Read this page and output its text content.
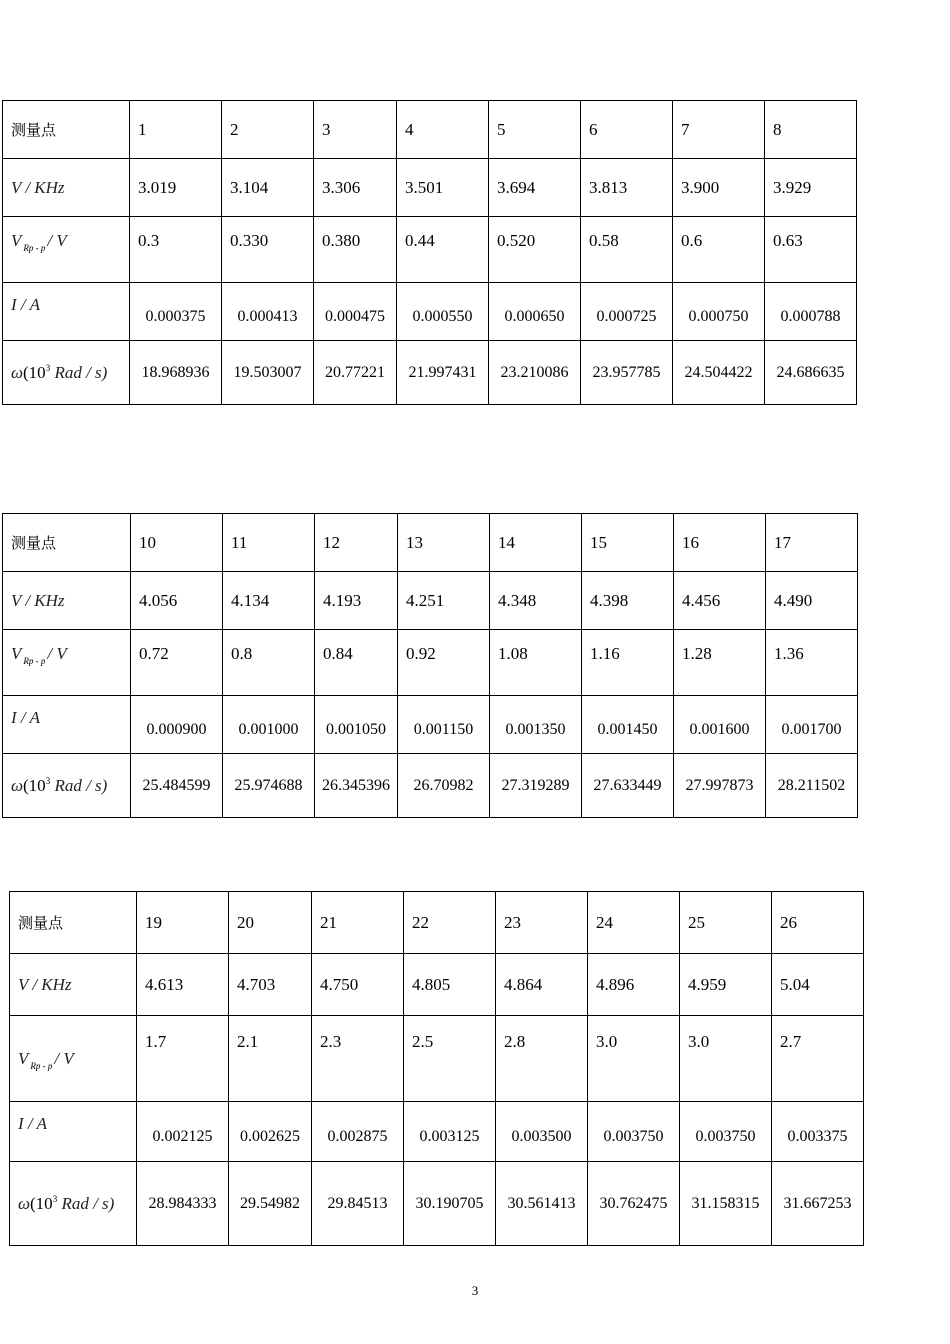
测量点	1	2	3	4	5	6	7	8	
V / KHz	3.019	3.104	3.306	3.501	3.694	3.813	3.900	3.929	
V $_{Rp - p}$ / V	0.3	0.330	0.380	0.44	0.520	0.58	0.6	0.63	
I / A	0.000375	0.000413	0.000475	0.000550	0.000650	0.000725	0.000750	0.000788	
$\omega(10^3$ Rad / s)	18.968936	19.503007	20.77221	21.997431	23.210086	23.957785	24.504422	24.686635	
测量点	10	11	12	13	14	15	16	17	
V / KHz	4.056	4.134	4.193	4.251	4.348	4.398	4.456	4.490	
V $_{Rp - p}$ / V	0.72	0.8	0.84	0.92	1.08	1.16	1.28	1.36	
I / A	0.000900	0.001000	0.001050	0.001150	0.001350	0.001450	0.001600	0.001700	
$\omega(10^3$ Rad / s)	25.484599	25.974688	26.345396	26.70982	27.319289	27.633449	27.997873	28.211502	
测量点	19	20	21	22	23	24	25	26	
V / KHz	4.613	4.703	4.750	4.805	4.864	4.896	4.959	5.04	
V $_{Rp - p}$ / V	1.7	2.1	2.3	2.5	2.8	3.0	3.0	2.7	
I / A	0.002125	0.002625	0.002875	0.003125	0.003500	0.003750	0.003750	0.003375	
$\omega(10^3$ Rad / s)	28.984333	29.54982	29.84513	30.190705	30.561413	30.762475	31.158315	31.667253	
3
